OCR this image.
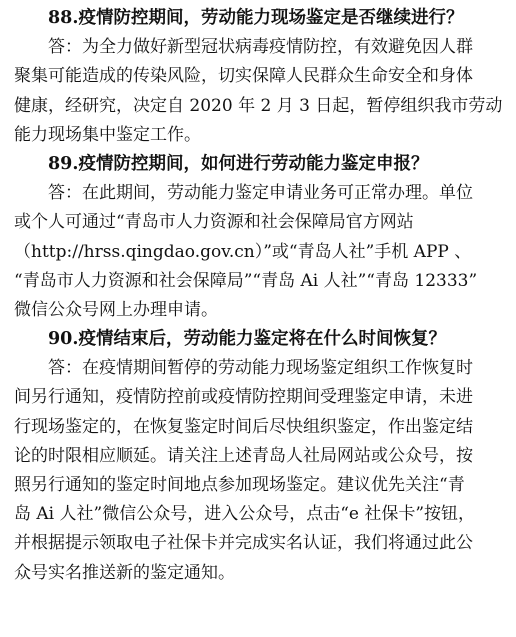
88.疫情防控期间，劳动能力现场鉴定是否继续进行？
答：为全力做好新型冠状病毒疫情防控，有效避免因人群
聚集可能造成的传染风险，切实保障人民群众生命安全和身体
健康，经研究，决定自 2020 年 2 月 3 日起，暂停组织我市劳动
能力现场集中鉴定工作。
89.疫情防控期间，如何进行劳动能力鉴定申报？
答：在此期间，劳动能力鉴定申请业务可正常办理。单位
或个人可通过“青岛市人力资源和社会保障局官方网站
（http://hrss.qingdao.gov.cn）”或“青岛人社”手机 APP 、
“青岛市人力资源和社会保障局”“青岛 Ai 人社”“青岛 12333”
微信公众号网上办理申请。
90.疫情结束后，劳动能力鉴定将在什么时间恢复？
答：在疫情期间暂停的劳动能力现场鉴定组织工作恢复时
间另行通知，疫情防控前或疫情防控期间受理鉴定申请，未进
行现场鉴定的，在恢复鉴定时间后尽快组织鉴定，作出鉴定结
论的时限相应顺延。请关注上述青岛人社局网站或公众号，按
照另行通知的鉴定时间地点参加现场鉴定。建议优先关注“青
岛 Ai 人社”微信公众号，进入公众号，点击“e 社保卡”按钮，
并根据提示领取电子社保卡并完成实名认证，我们将通过此公
众号实名推送新的鉴定通知。
